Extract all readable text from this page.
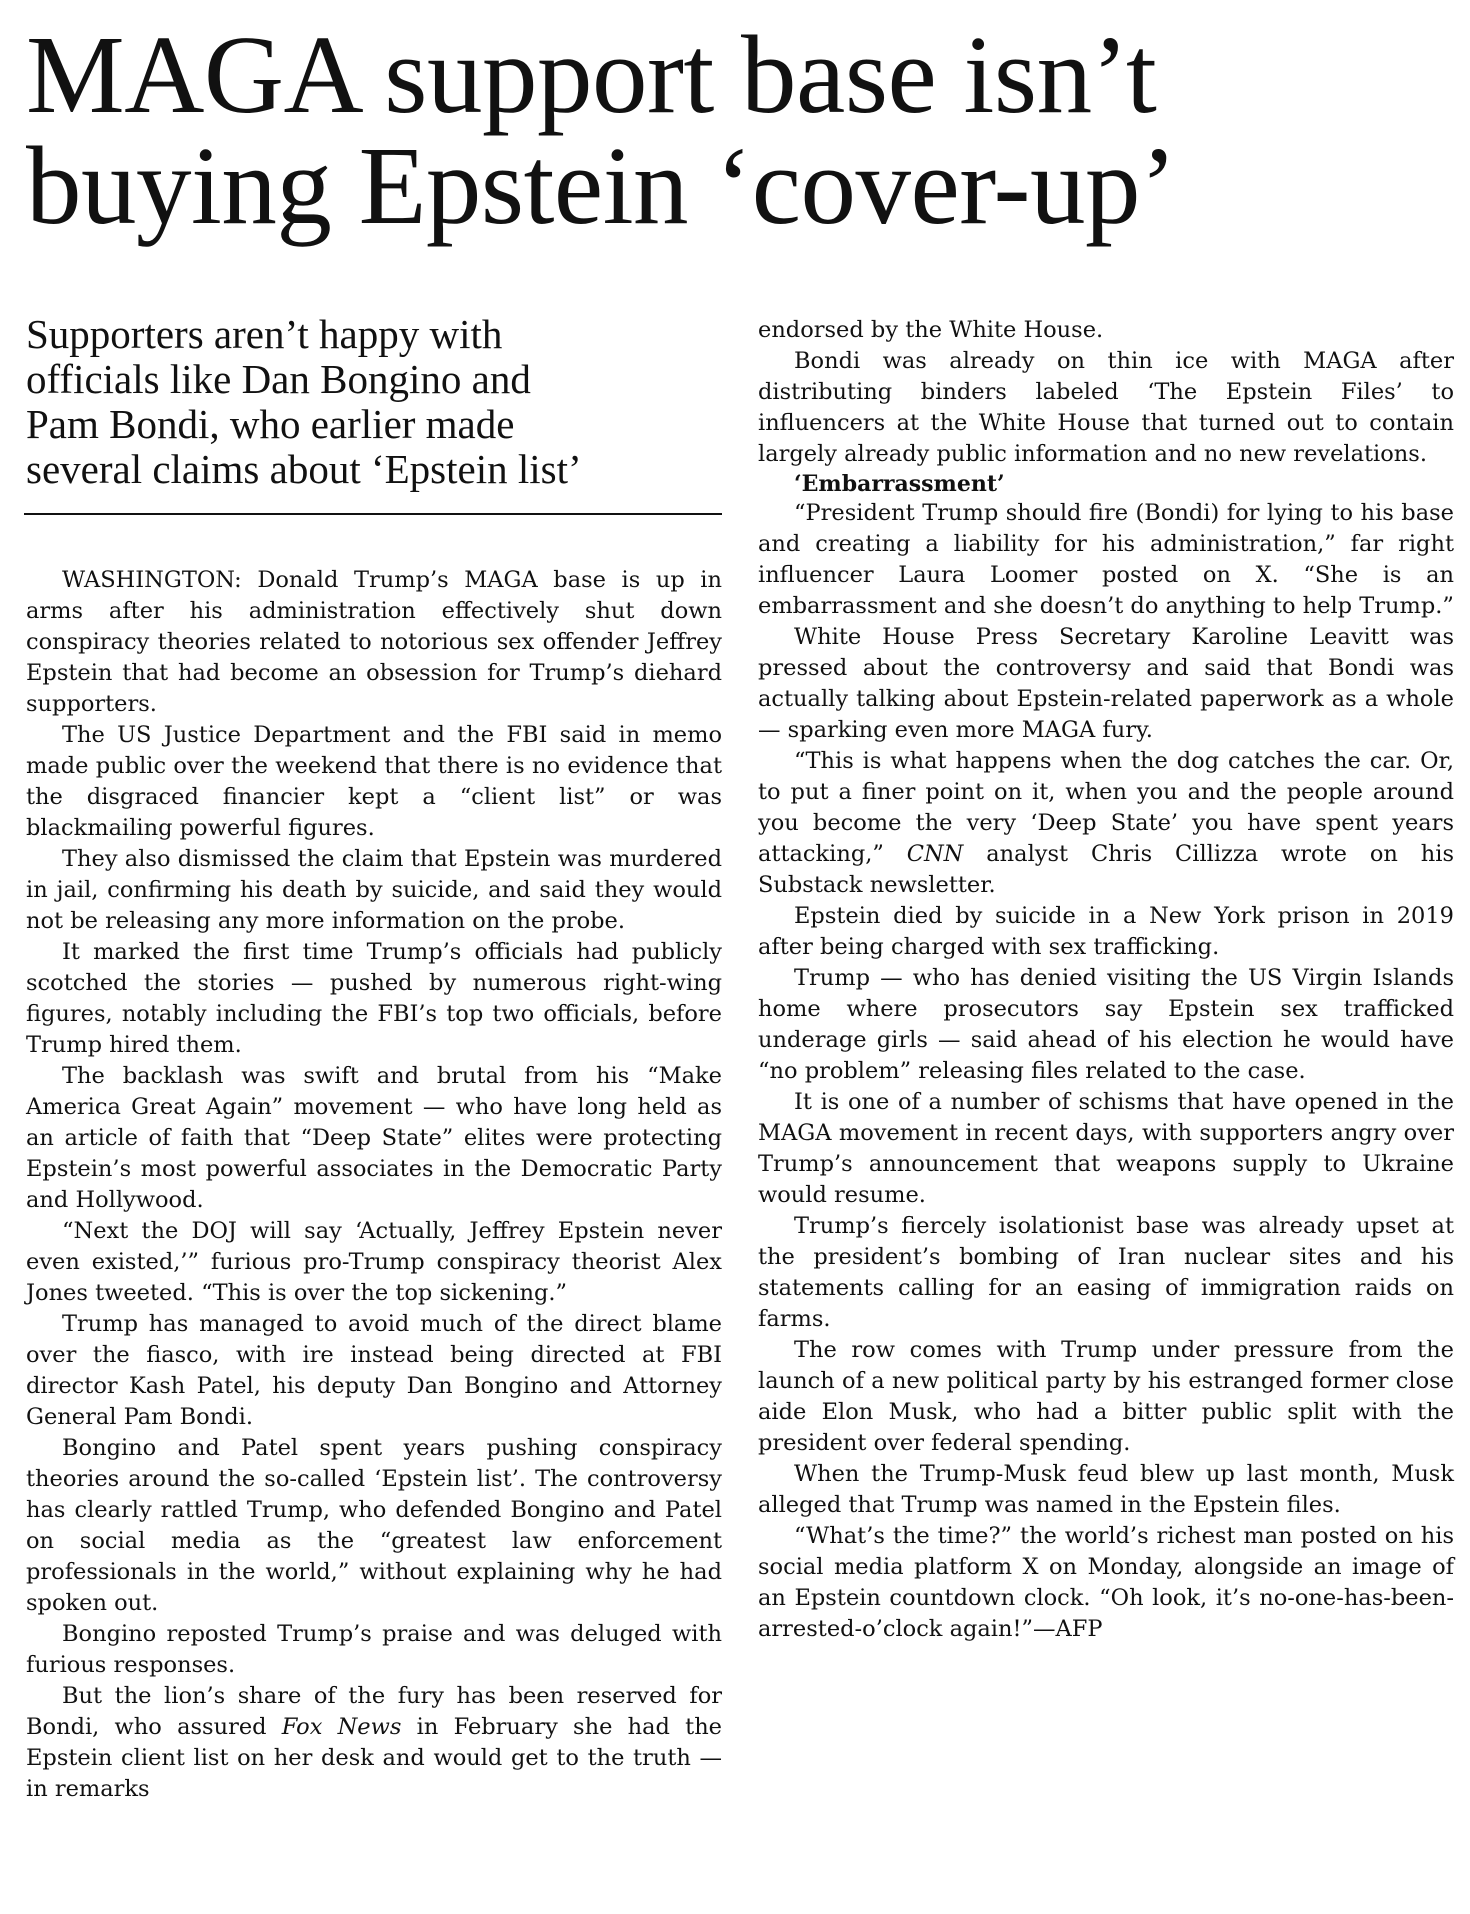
MAGA support base isn’t
buying Epstein ‘cover-up’
Supporters aren’t happy with
officials like Dan Bongino and
Pam Bondi, who earlier made
several claims about ‘Epstein list’

WASHINGTON: Donald Trump’s MAGA base is up in arms after his administration effectively shut down conspiracy theories related to notorious sex offender Jeffrey Epstein that had become an obsession for Trump’s diehard supporters.

The US Justice Department and the FBI said in memo made public over the weekend that there is no evidence that the disgraced financier kept a “client list” or was blackmailing powerful figures.

They also dismissed the claim that Epstein was murdered in jail, confirming his death by suicide, and said they would not be releasing any more information on the probe.

It marked the first time Trump’s officials had publicly scotched the stories — pushed by numerous right-wing figures, notably including the FBI’s top two officials, before Trump hired them.

The backlash was swift and brutal from his “Make America Great Again” movement — who have long held as an article of faith that “Deep State” elites were protecting Epstein’s most powerful associates in the Democratic Party and Hollywood.

“Next the DOJ will say ‘Actually, Jeffrey Epstein never even existed,’” furious pro-Trump conspiracy theorist Alex Jones tweeted. “This is over the top sickening.”

Trump has managed to avoid much of the direct blame over the fiasco, with ire instead being directed at FBI director Kash Patel, his deputy Dan Bongino and Attorney General Pam Bondi.

Bongino and Patel spent years pushing conspiracy theories around the so-called ‘Epstein list’. The controversy has clearly rattled Trump, who defended Bongino and Patel on social media as the “greatest law enforcement professionals in the world,” without explaining why he had spoken out.

Bongino reposted Trump’s praise and was deluged with furious responses.

But the lion’s share of the fury has been reserved for Bondi, who assured Fox News in February she had the Epstein client list on her desk and would get to the truth — in remarks

endorsed by the White House.

Bondi was already on thin ice with MAGA after distributing binders labeled ‘The Epstein Files’ to influencers at the White House that turned out to contain largely already public information and no new revelations.

‘Embarrassment’

“President Trump should fire (Bondi) for lying to his base and creating a liability for his administration,” far right influencer Laura Loomer posted on X. “She is an embarrassment and she doesn’t do anything to help Trump.”

White House Press Secretary Karoline Leavitt was pressed about the controversy and said that Bondi was actually talking about Epstein-related paperwork as a whole — sparking even more MAGA fury.

“This is what happens when the dog catches the car. Or, to put a finer point on it, when you and the people around you become the very ‘Deep State’ you have spent years attacking,” CNN analyst Chris Cillizza wrote on his Substack newsletter.

Epstein died by suicide in a New York prison in 2019 after being charged with sex trafficking.

Trump — who has denied visiting the US Virgin Islands home where prosecutors say Epstein sex trafficked underage girls — said ahead of his election he would have “no problem” releasing files related to the case.

It is one of a number of schisms that have opened in the MAGA movement in recent days, with supporters angry over Trump’s announcement that weapons supply to Ukraine would resume.

Trump’s fiercely isolationist base was already upset at the president’s bombing of Iran nuclear sites and his statements calling for an easing of immigration raids on farms.

The row comes with Trump under pressure from the launch of a new political party by his estranged former close aide Elon Musk, who had a bitter public split with the president over federal spending.

When the Trump-Musk feud blew up last month, Musk alleged that Trump was named in the Epstein files.

“What’s the time?” the world’s richest man posted on his social media platform X on Monday, alongside an image of an Epstein countdown clock. “Oh look, it’s no-one-has-been-arrested-o’clock again!”—AFP
